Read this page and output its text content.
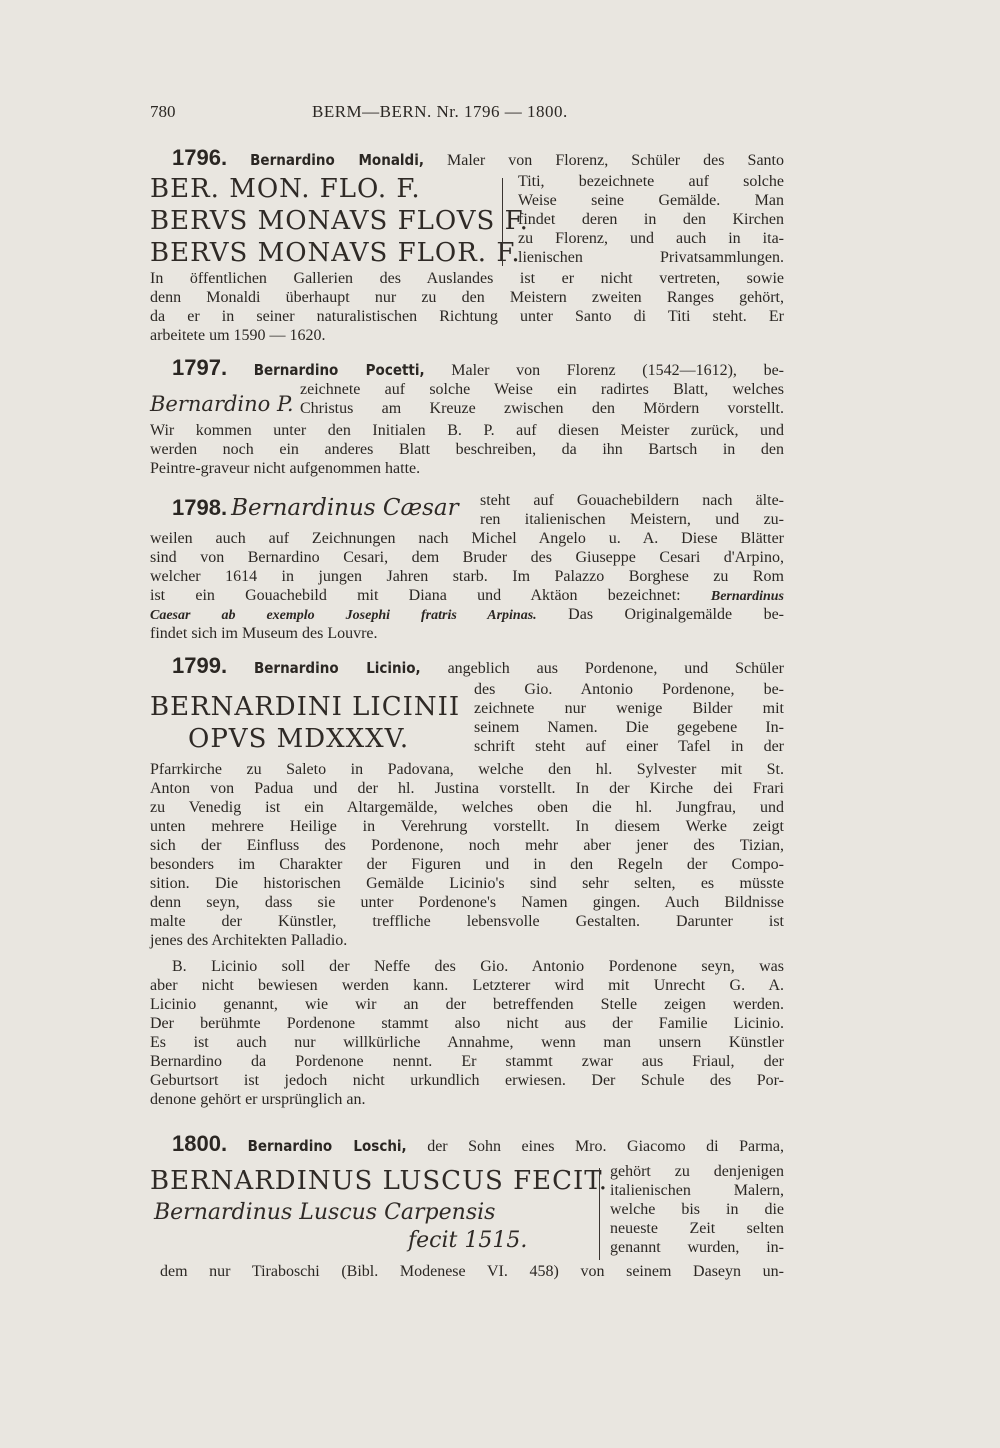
780	BERM—BERN. Nr. 1796 — 1800.
1796. Bernardino Monaldi, Maler von Florenz, Schüler des Santo
BER. MON. FLO. F.
BERVS MONAVS FLOVS F.
BERVS MONAVS FLOR. F.
Titi, bezeichnete auf solche
Weise seine Gemälde. Man
findet deren in den Kirchen
zu Florenz, und auch in ita-
lienischen Privatsammlungen.
In öffentlichen Gallerien des Auslandes ist er nicht vertreten, sowie
denn Monaldi überhaupt nur zu den Meistern zweiten Ranges gehört,
da er in seiner naturalistischen Richtung unter Santo di Titi steht. Er
arbeitete um 1590 — 1620.
1797. Bernardino Pocetti, Maler von Florenz (1542—1612), be-
Bernardino P.
zeichnete auf solche Weise ein radirtes Blatt, welches
Christus am Kreuze zwischen den Mördern vorstellt.
Wir kommen unter den Initialen B. P. auf diesen Meister zurück, und
werden noch ein anderes Blatt beschreiben, da ihn Bartsch in den
Peintre-graveur nicht aufgenommen hatte.
1798. Bernardinus Cæsar	steht auf Gouachebildern nach älte-
ren italienischen Meistern, und zu-
weilen auch auf Zeichnungen nach Michel Angelo u. A. Diese Blätter
sind von Bernardino Cesari, dem Bruder des Giuseppe Cesari d'Arpino,
welcher 1614 in jungen Jahren starb. Im Palazzo Borghese zu Rom
ist ein Gouachebild mit Diana und Aktäon bezeichnet: Bernardinus
Caesar ab exemplo Josephi fratris Arpinas. Das Originalgemälde be-
findet sich im Museum des Louvre.
1799. Bernardino Licinio, angeblich aus Pordenone, und Schüler
BERNARDINI LICINII
OPVS MDXXXV.
des Gio. Antonio Pordenone, be-
zeichnete nur wenige Bilder mit
seinem Namen. Die gegebene In-
schrift steht auf einer Tafel in der
Pfarrkirche zu Saleto in Padovana, welche den hl. Sylvester mit St.
Anton von Padua und der hl. Justina vorstellt. In der Kirche dei Frari
zu Venedig ist ein Altargemälde, welches oben die hl. Jungfrau, und
unten mehrere Heilige in Verehrung vorstellt. In diesem Werke zeigt
sich der Einfluss des Pordenone, noch mehr aber jener des Tizian,
besonders im Charakter der Figuren und in den Regeln der Compo-
sition. Die historischen Gemälde Licinio's sind sehr selten, es müsste
denn seyn, dass sie unter Pordenone's Namen gingen. Auch Bildnisse
malte der Künstler, treffliche lebensvolle Gestalten. Darunter ist
jenes des Architekten Palladio.
B. Licinio soll der Neffe des Gio. Antonio Pordenone seyn, was
aber nicht bewiesen werden kann. Letzterer wird mit Unrecht G. A.
Licinio genannt, wie wir an der betreffenden Stelle zeigen werden.
Der berühmte Pordenone stammt also nicht aus der Familie Licinio.
Es ist auch nur willkürliche Annahme, wenn man unsern Künstler
Bernardino da Pordenone nennt. Er stammt zwar aus Friaul, der
Geburtsort ist jedoch nicht urkundlich erwiesen. Der Schule des Por-
denone gehört er ursprünglich an.
1800. Bernardino Loschi, der Sohn eines Mro. Giacomo di Parma,
BERNARDINUS LUSCUS FECIT.
Bernardinus Luscus Carpensis
fecit 1515.
gehört zu denjenigen
italienischen Malern,
welche bis in die
neueste Zeit selten
genannt wurden, in-
dem nur Tiraboschi (Bibl. Modenese VI. 458) von seinem Daseyn un-
